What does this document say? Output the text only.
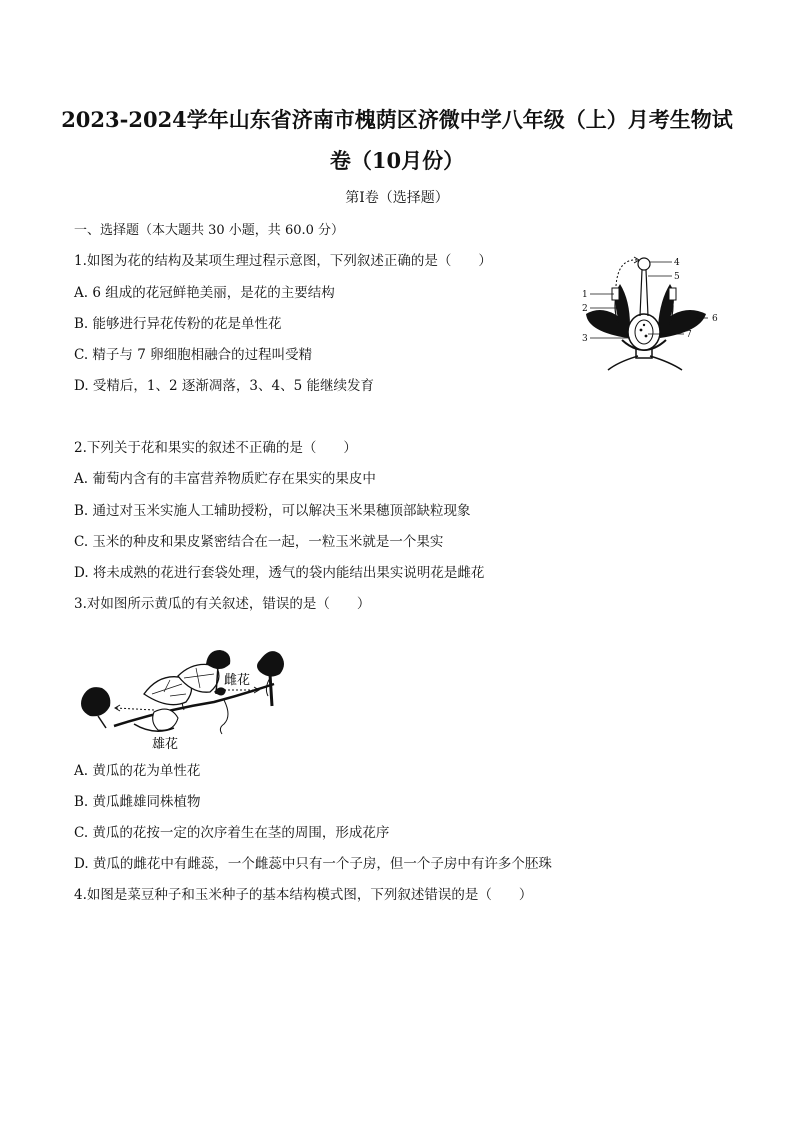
2023-2024学年山东省济南市槐荫区济微中学八年级（上）月考生物试
卷（10月份）
第I卷（选择题）
一、选择题（本大题共 30 小题，共 60.0 分）
1.如图为花的结构及某项生理过程示意图，下列叙述正确的是（　　）
A. 6 组成的花冠鲜艳美丽，是花的主要结构
B. 能够进行异花传粉的花是单性花
C. 精子与 7 卵细胞相融合的过程叫受精
D. 受精后，1、2 逐渐凋落，3、4、5 能继续发育
1
2
3
4
5
6
7
2.下列关于花和果实的叙述不正确的是（　　）
A. 葡萄内含有的丰富营养物质贮存在果实的果皮中
B. 通过对玉米实施人工辅助授粉，可以解决玉米果穗顶部缺粒现象
C. 玉米的种皮和果皮紧密结合在一起，一粒玉米就是一个果实
D. 将未成熟的花进行套袋处理，透气的袋内能结出果实说明花是雌花
3.对如图所示黄瓜的有关叙述，错误的是（　　）
雌花
雄花
A. 黄瓜的花为单性花
B. 黄瓜雌雄同株植物
C. 黄瓜的花按一定的次序着生在茎的周围，形成花序
D. 黄瓜的雌花中有雌蕊，一个雌蕊中只有一个子房，但一个子房中有许多个胚珠
4.如图是菜豆种子和玉米种子的基本结构模式图，下列叙述错误的是（　　）
